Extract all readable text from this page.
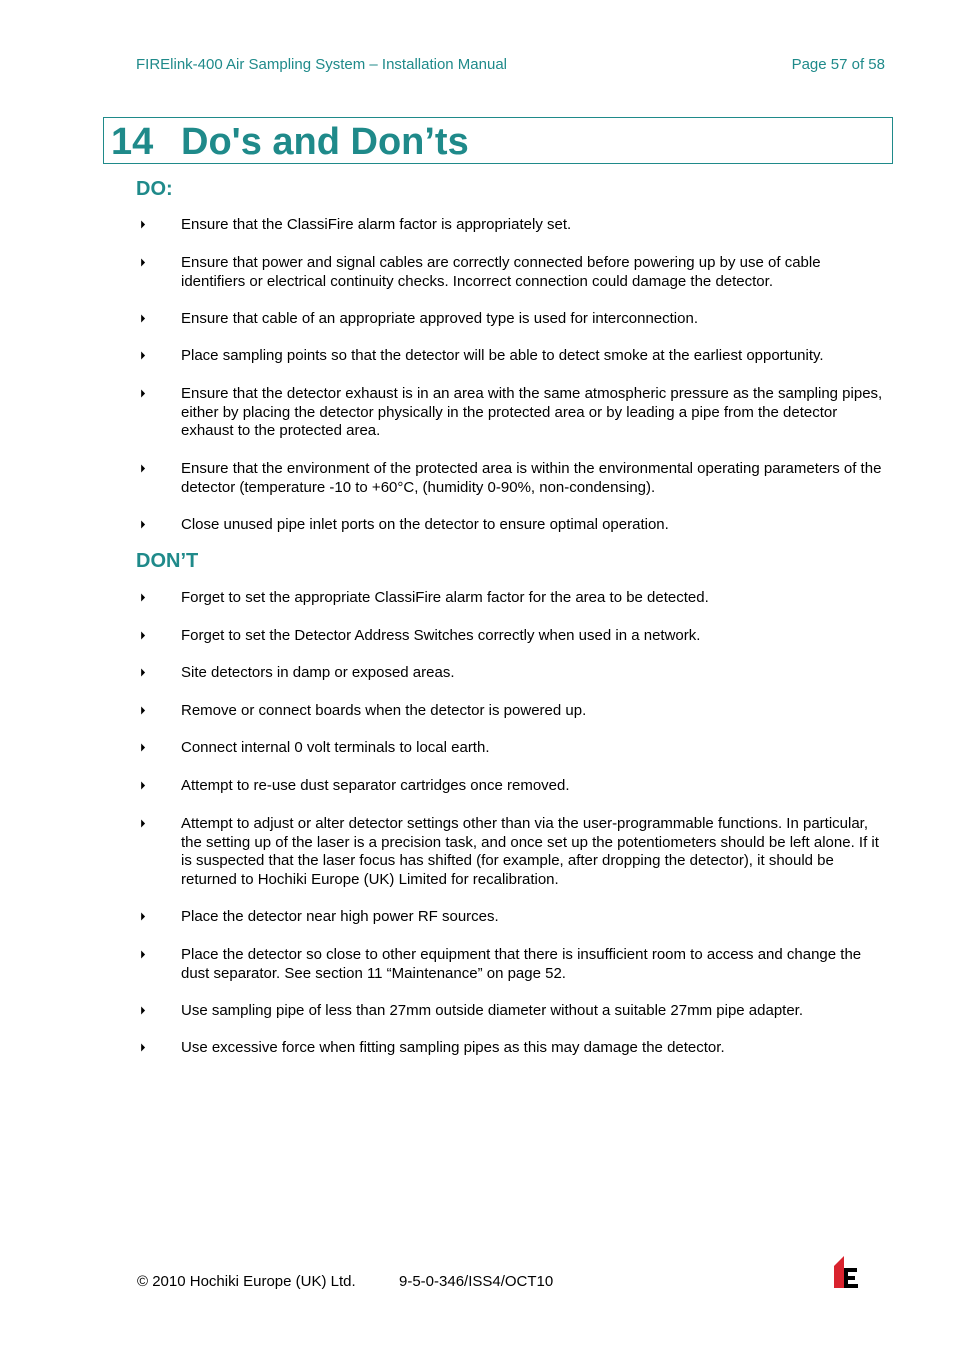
FIRElink-400 Air Sampling System – Installation Manual	Page 57 of 58
14 Do's and Don’ts
DO:
⏵ Ensure that the ClassiFire alarm factor is appropriately set.
⏵ Ensure that power and signal cables are correctly connected before powering up by use of cable identifiers or electrical continuity checks. Incorrect connection could damage the detector.
⏵ Ensure that cable of an appropriate approved type is used for interconnection.
⏵ Place sampling points so that the detector will be able to detect smoke at the earliest opportunity.
⏵ Ensure that the detector exhaust is in an area with the same atmospheric pressure as the sampling pipes, either by placing the detector physically in the protected area or by leading a pipe from the detector exhaust to the protected area.
⏵ Ensure that the environment of the protected area is within the environmental operating parameters of the detector (temperature -10 to +60°C, (humidity 0-90%, non-condensing).
⏵ Close unused pipe inlet ports on the detector to ensure optimal operation.
DON’T
⏵ Forget to set the appropriate ClassiFire alarm factor for the area to be detected.
⏵ Forget to set the Detector Address Switches correctly when used in a network.
⏵ Site detectors in damp or exposed areas.
⏵ Remove or connect boards when the detector is powered up.
⏵ Connect internal 0 volt terminals to local earth.
⏵ Attempt to re-use dust separator cartridges once removed.
⏵ Attempt to adjust or alter detector settings other than via the user-programmable functions. In particular, the setting up of the laser is a precision task, and once set up the potentiometers should be left alone. If it is suspected that the laser focus has shifted (for example, after dropping the detector), it should be returned to Hochiki Europe (UK) Limited for recalibration.
⏵ Place the detector near high power RF sources.
⏵ Place the detector so close to other equipment that there is insufficient room to access and change the dust separator. See section 11 “Maintenance” on page 52.
⏵ Use sampling pipe of less than 27mm outside diameter without a suitable 27mm pipe adapter.
⏵ Use excessive force when fitting sampling pipes as this may damage the detector.
© 2010 Hochiki Europe (UK) Ltd.	9-5-0-346/ISS4/OCT10
